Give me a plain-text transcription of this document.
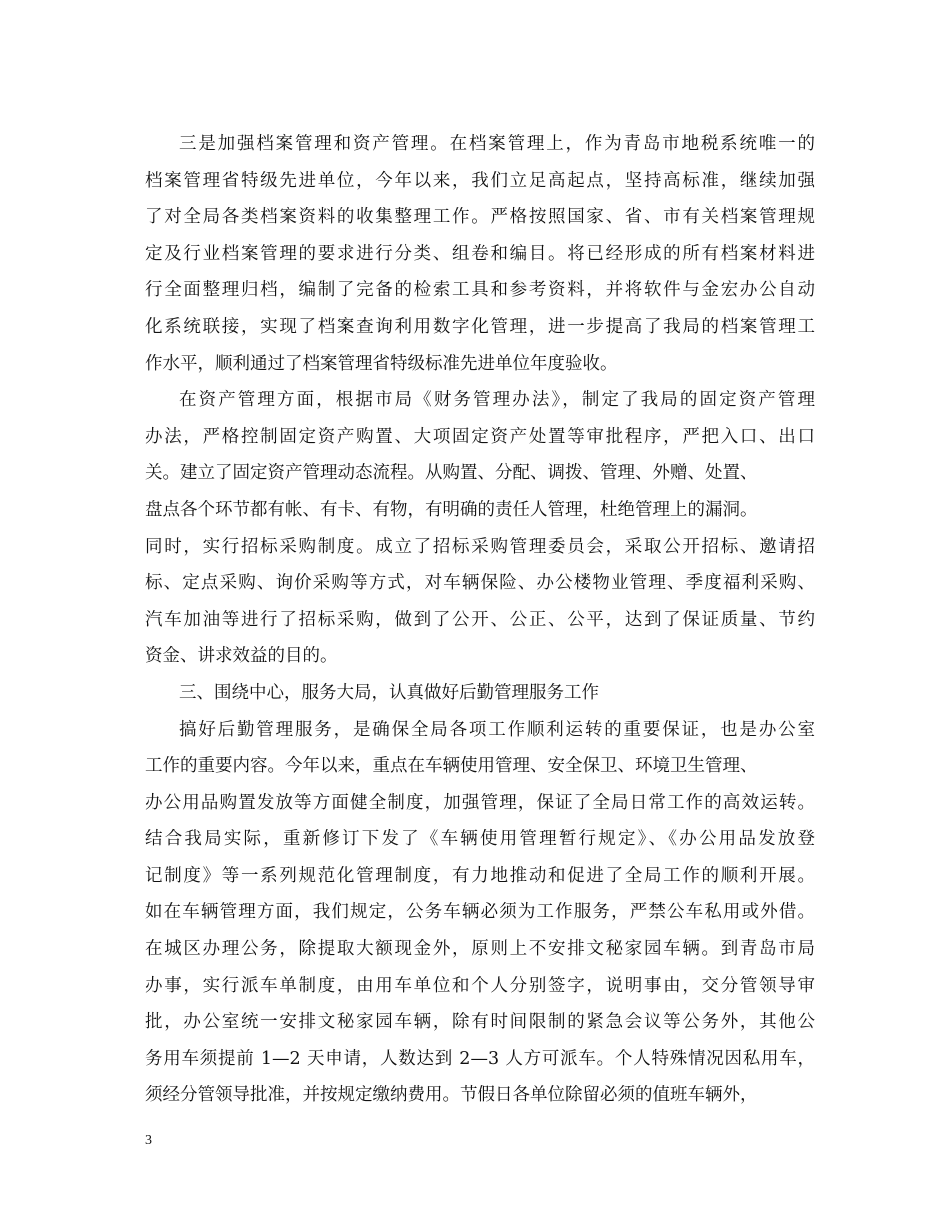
三是加强档案管理和资产管理。在档案管理上，作为青岛市地税系统唯一的
档案管理省特级先进单位，今年以来，我们立足高起点，坚持高标准，继续加强
了对全局各类档案资料的收集整理工作。严格按照国家、省、市有关档案管理规
定及行业档案管理的要求进行分类、组卷和编目。将已经形成的所有档案材料进
行全面整理归档，编制了完备的检索工具和参考资料，并将软件与金宏办公自动
化系统联接，实现了档案查询利用数字化管理，进一步提高了我局的档案管理工
作水平，顺利通过了档案管理省特级标准先进单位年度验收。
在资产管理方面，根据市局《财务管理办法》，制定了我局的固定资产管理
办法，严格控制固定资产购置、大项固定资产处置等审批程序，严把入口、出口
关。建立了固定资产管理动态流程。从购置、分配、调拨、管理、外赠、处置、
盘点各个环节都有帐、有卡、有物，有明确的责任人管理，杜绝管理上的漏洞。
同时，实行招标采购制度。成立了招标采购管理委员会，采取公开招标、邀请招
标、定点采购、询价采购等方式，对车辆保险、办公楼物业管理、季度福利采购、
汽车加油等进行了招标采购，做到了公开、公正、公平，达到了保证质量、节约
资金、讲求效益的目的。
三、围绕中心，服务大局，认真做好后勤管理服务工作
搞好后勤管理服务，是确保全局各项工作顺利运转的重要保证，也是办公室
工作的重要内容。今年以来，重点在车辆使用管理、安全保卫、环境卫生管理、
办公用品购置发放等方面健全制度，加强管理，保证了全局日常工作的高效运转。
结合我局实际，重新修订下发了《车辆使用管理暂行规定》、《办公用品发放登
记制度》等一系列规范化管理制度，有力地推动和促进了全局工作的顺利开展。
如在车辆管理方面，我们规定，公务车辆必须为工作服务，严禁公车私用或外借。
在城区办理公务，除提取大额现金外，原则上不安排文秘家园车辆。到青岛市局
办事，实行派车单制度，由用车单位和个人分别签字，说明事由，交分管领导审
批，办公室统一安排文秘家园车辆，除有时间限制的紧急会议等公务外，其他公
务用车须提前 1—2 天申请，人数达到 2—3 人方可派车。个人特殊情况因私用车，
须经分管领导批准，并按规定缴纳费用。节假日各单位除留必须的值班车辆外，
3
